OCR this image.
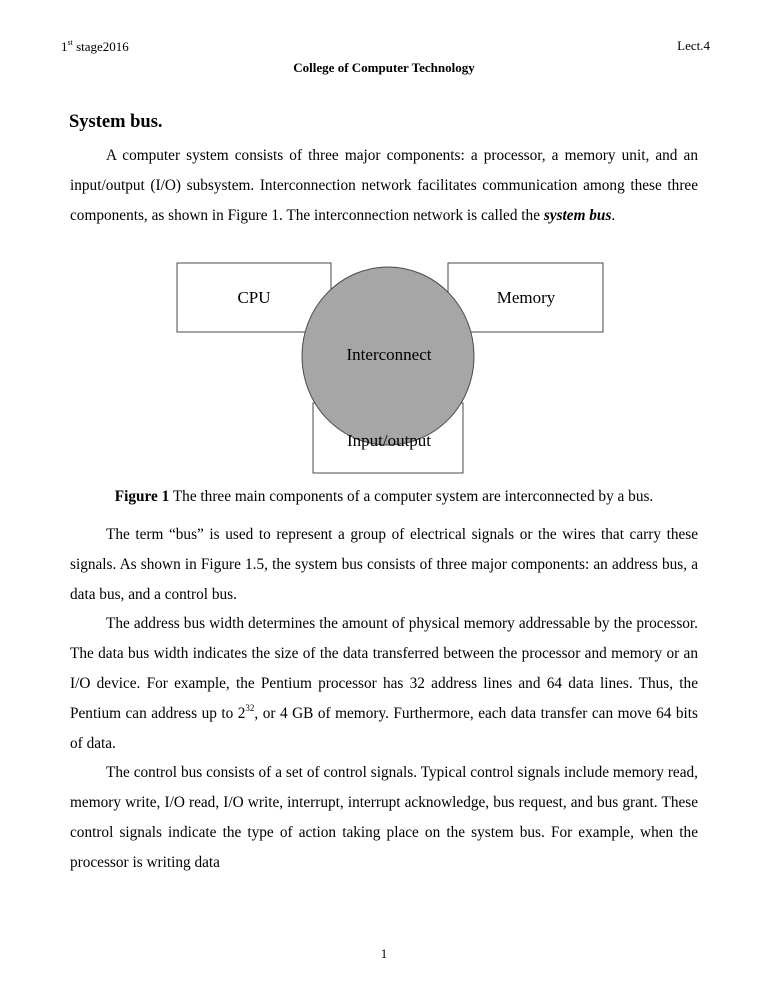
1st stage2016	Lect.4
College of Computer Technology
System bus.

A computer system consists of three major components: a processor, a memory unit, and an input/output (I/O) subsystem. Interconnection network facilitates communication among these three components, as shown in Figure 1. The interconnection network is called the system bus.

CPU	Memory
Interconnect
Input/output
Figure 1 The three main components of a computer system are interconnected by a bus.

The term “bus” is used to represent a group of electrical signals or the wires that carry these signals. As shown in Figure 1.5, the system bus consists of three major components: an address bus, a data bus, and a control bus.

The address bus width determines the amount of physical memory addressable by the processor. The data bus width indicates the size of the data transferred between the processor and memory or an I/O device. For example, the Pentium processor has 32 address lines and 64 data lines. Thus, the Pentium can address up to $2^{32}$, or 4 GB of memory. Furthermore, each data transfer can move 64 bits of data.

The control bus consists of a set of control signals. Typical control signals include memory read, memory write, I/O read, I/O write, interrupt, interrupt acknowledge, bus request, and bus grant. These control signals indicate the type of action taking place on the system bus. For example, when the processor is writing data

1
